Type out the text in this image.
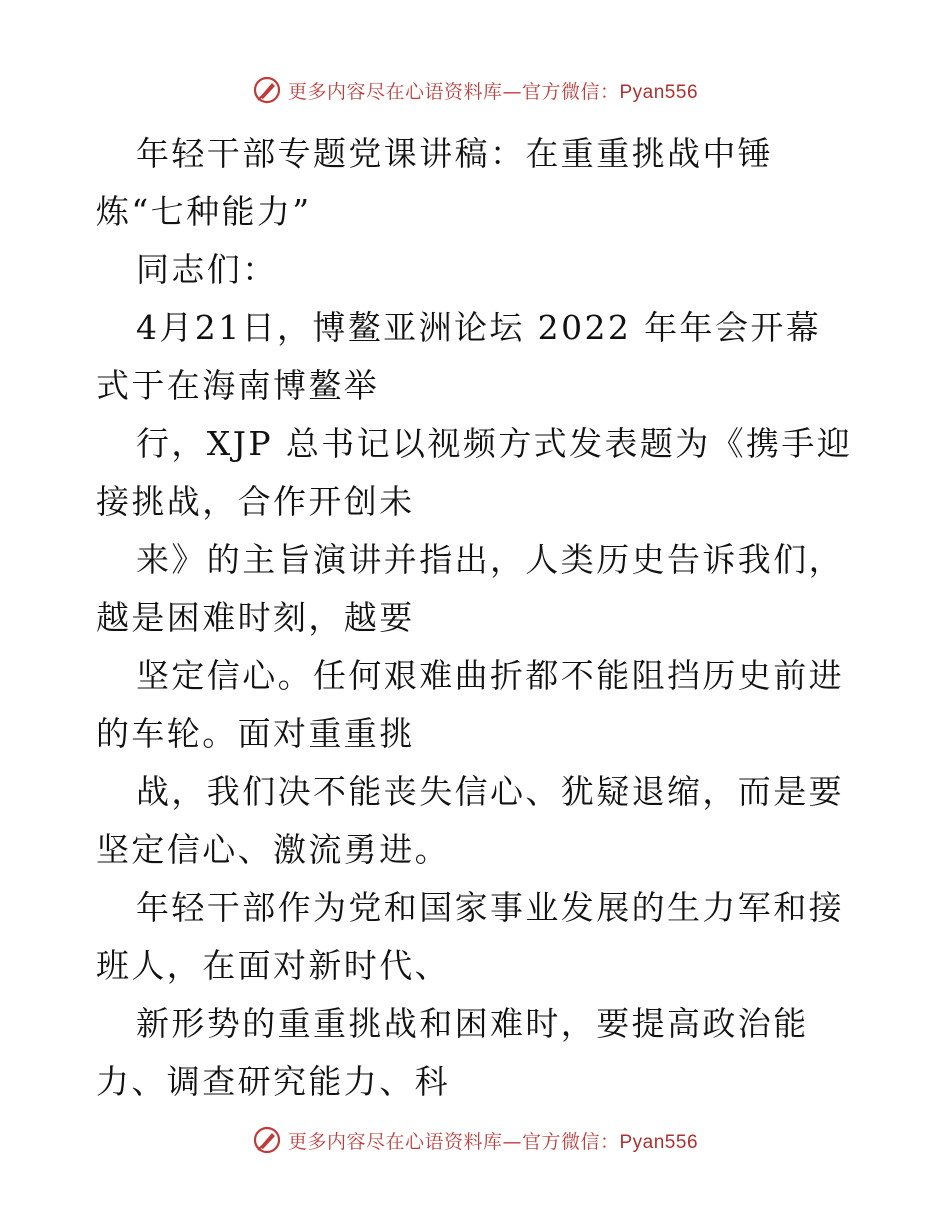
更多内容尽在心语资料库—官方微信：Pyan556

年轻干部专题党课讲稿：在重重挑战中锤炼“七种能力”

同志们：

4月21日，博鳌亚洲论坛 2022 年年会开幕式于在海南博鳌举

行，XJP 总书记以视频方式发表题为《携手迎接挑战，合作开创未

来》的主旨演讲并指出，人类历史告诉我们，越是困难时刻，越要

坚定信心。任何艰难曲折都不能阻挡历史前进的车轮。面对重重挑

战，我们决不能丧失信心、犹疑退缩，而是要坚定信心、激流勇进。

年轻干部作为党和国家事业发展的生力军和接班人，在面对新时代、

新形势的重重挑战和困难时，要提高政治能力、调查研究能力、科

更多内容尽在心语资料库—官方微信：Pyan556
